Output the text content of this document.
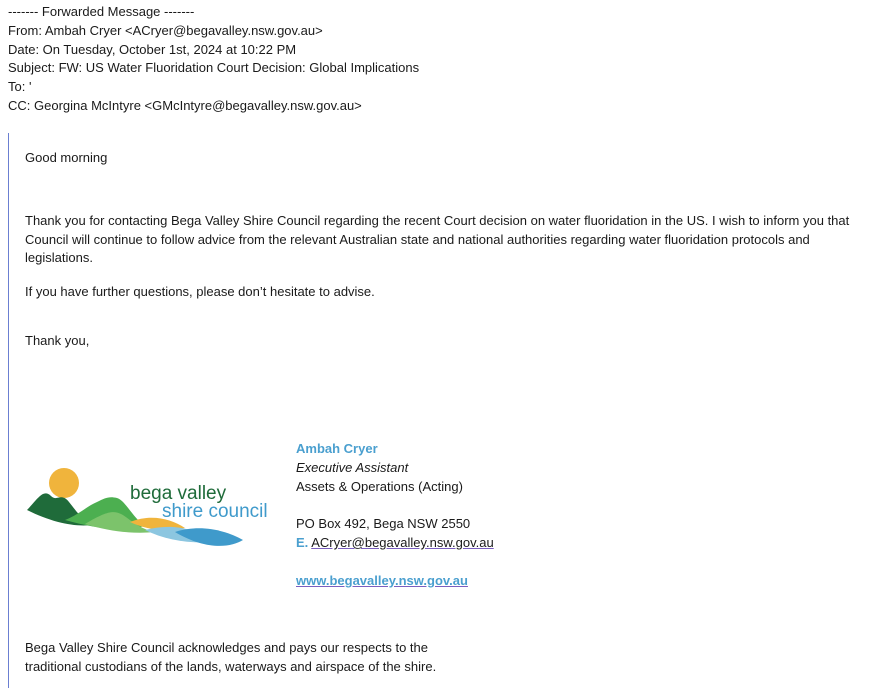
------- Forwarded Message -------
From: Ambah Cryer <ACryer@begavalley.nsw.gov.au>
Date: On Tuesday, October 1st, 2024 at 10:22 PM
Subject: FW: US Water Fluoridation Court Decision: Global Implications
To: '
CC: Georgina McIntyre <GMcIntyre@begavalley.nsw.gov.au>
Good morning
Thank you for contacting Bega Valley Shire Council regarding the recent Court decision on water fluoridation in the US. I wish to inform you that Council will continue to follow advice from the relevant Australian state and national authorities regarding water fluoridation protocols and legislations.
If you have further questions, please don’t hesitate to advise.
Thank you,
bega valley
shire council
Ambah Cryer
Executive Assistant
Assets & Operations (Acting)
PO Box 492, Bega NSW 2550
E. ACryer@begavalley.nsw.gov.au
www.begavalley.nsw.gov.au
Bega Valley Shire Council acknowledges and pays our respects to the
traditional custodians of the lands, waterways and airspace of the shire.
